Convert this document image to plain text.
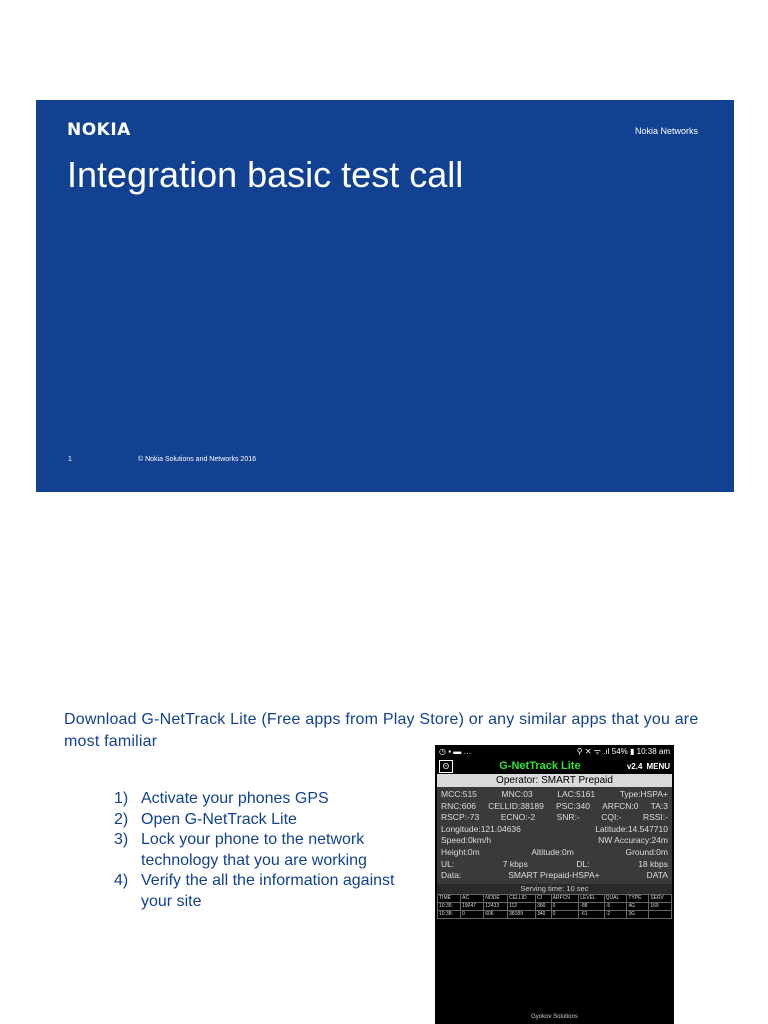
NOKIA	Nokia Networks
Integration basic test call
1	© Nokia Solutions and Networks 2016
Download G-NetTrack Lite (Free apps from Play Store) or any similar apps that you are most familiar
1) Activate your phones GPS
2) Open G-NetTrack Lite
3) Lock your phone to the network technology that you are working
4) Verify the all the information against your site
◷ ▪ ▬ …	⚲ ✕ ᯤ .ıl 54% ▮ 10:38 am
Θ	G-NetTrack Lite	v2.4 MENU
Operator: SMART Prepaid
MCC:515	MNC:03	LAC:5161	Type:HSPA+
RNC:606 CELLID:38189 PSC:340 ARFCN:0 TA:3
RSCP:-73	ECNO:-2	SNR:-	CQI:-	RSSI:-
Longitude:121.04636	Latitude:14.547710
Speed:0km/h	NW Accuracy:24m
Height:0m	Altitude:0m	Ground:0m
UL:	7 kbps	DL:	18 kbps
Data:	SMART Prepaid-HSPA+	DATA
Serving time: 10 sec
TIME	AC	NODE	CELLID	CI	ARFCN	LEVEL	QUAL	TYPE	SERV
10:35:	19047	12433	112	380	0	-88	-5	4G	169
10:38:	0	606	38189	340	0	-61	-2	3G	
Gyokov Solutions
